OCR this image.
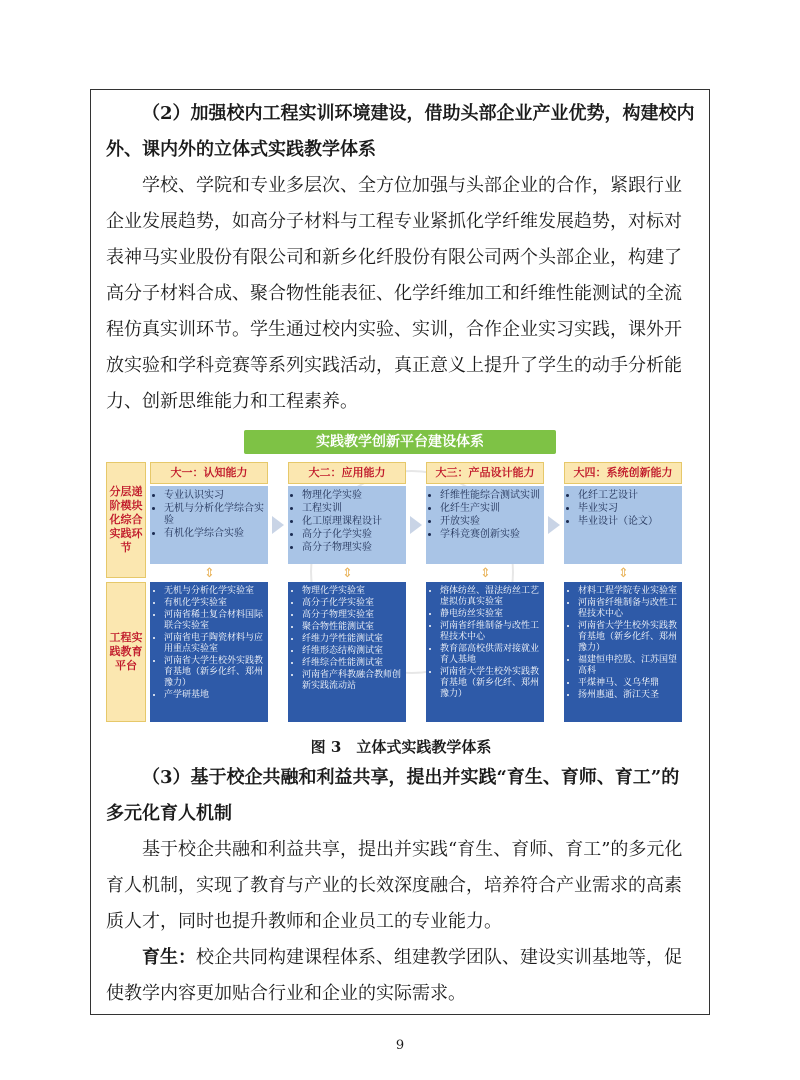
（2）加强校内工程实训环境建设，借助头部企业产业优势，构建校内外、课内外的立体式实践教学体系

学校、学院和专业多层次、全方位加强与头部企业的合作，紧跟行业企业发展趋势，如高分子材料与工程专业紧抓化学纤维发展趋势，对标对表神马实业股份有限公司和新乡化纤股份有限公司两个头部企业，构建了高分子材料合成、聚合物性能表征、化学纤维加工和纤维性能测试的全流程仿真实训环节。学生通过校内实验、实训，合作企业实习实践，课外开放实验和学科竞赛等系列实践活动，真正意义上提升了学生的动手分析能力、创新思维能力和工程素养。

实践教学创新平台建设体系
分层递阶模块化综合实践环节
工程实践教育平台
大一：认知能力
• 专业认识实习
• 无机与分析化学综合实验
• 有机化学综合实验
• 无机与分析化学实验室
• 有机化学实验室
• 河南省稀土复合材料国际联合实验室
• 河南省电子陶瓷材料与应用重点实验室
• 河南省大学生校外实践教育基地（新乡化纤、郑州豫力）
• 产学研基地
⇕
大二：应用能力
• 物理化学实验
• 工程实训
• 化工原理课程设计
• 高分子化学实验
• 高分子物理实验
• 物理化学实验室
• 高分子化学实验室
• 高分子物理实验室
• 聚合物性能测试室
• 纤维力学性能测试室
• 纤维形态结构测试室
• 纤维综合性能测试室
• 河南省产科教融合教师创新实践流动站
⇕
大三：产品设计能力
• 纤维性能综合测试实训
• 化纤生产实训
• 开放实验
• 学科竞赛创新实验
• 熔体纺丝、湿法纺丝工艺虚拟仿真实验室
• 静电纺丝实验室
• 河南省纤维制备与改性工程技术中心
• 教育部高校供需对接就业育人基地
• 河南省大学生校外实践教育基地（新乡化纤、郑州豫力）
⇕
大四：系统创新能力
• 化纤工艺设计
• 毕业实习
• 毕业设计（论文）
• 材料工程学院专业实验室
• 河南省纤维制备与改性工程技术中心
• 河南省大学生校外实践教育基地（新乡化纤、郑州豫力）
• 福建恒申控股、江苏国望高科
• 平煤神马、义乌华鼎
• 扬州惠通、浙江天圣
⇕

图 3　立体式实践教学体系

（3）基于校企共融和利益共享，提出并实践“育生、育师、育工”的多元化育人机制

基于校企共融和利益共享，提出并实践“育生、育师、育工”的多元化育人机制，实现了教育与产业的长效深度融合，培养符合产业需求的高素质人才，同时也提升教师和企业员工的专业能力。

育生：校企共同构建课程体系、组建教学团队、建设实训基地等，促使教学内容更加贴合行业和企业的实际需求。

9
